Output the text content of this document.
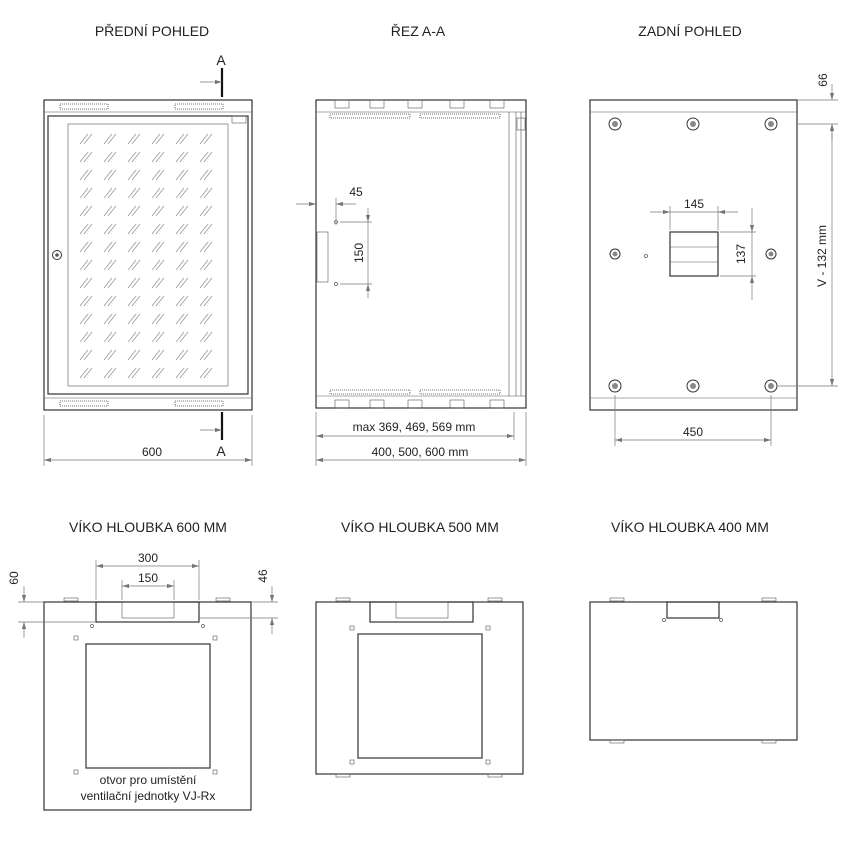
PŘEDNÍ POHLED	ŘEZ A-A	ZADNÍ POHLED
VÍKO HLOUBKA 600 MM	VÍKO HLOUBKA 500 MM	VÍKO HLOUBKA 400 MM
A
A
600
45
150
max 369, 469, 569 mm
400, 500, 600 mm
66
145
137	V - 132 mm
450
300
150
60	46
otvor pro umístění
ventilační jednotky VJ-Rx
